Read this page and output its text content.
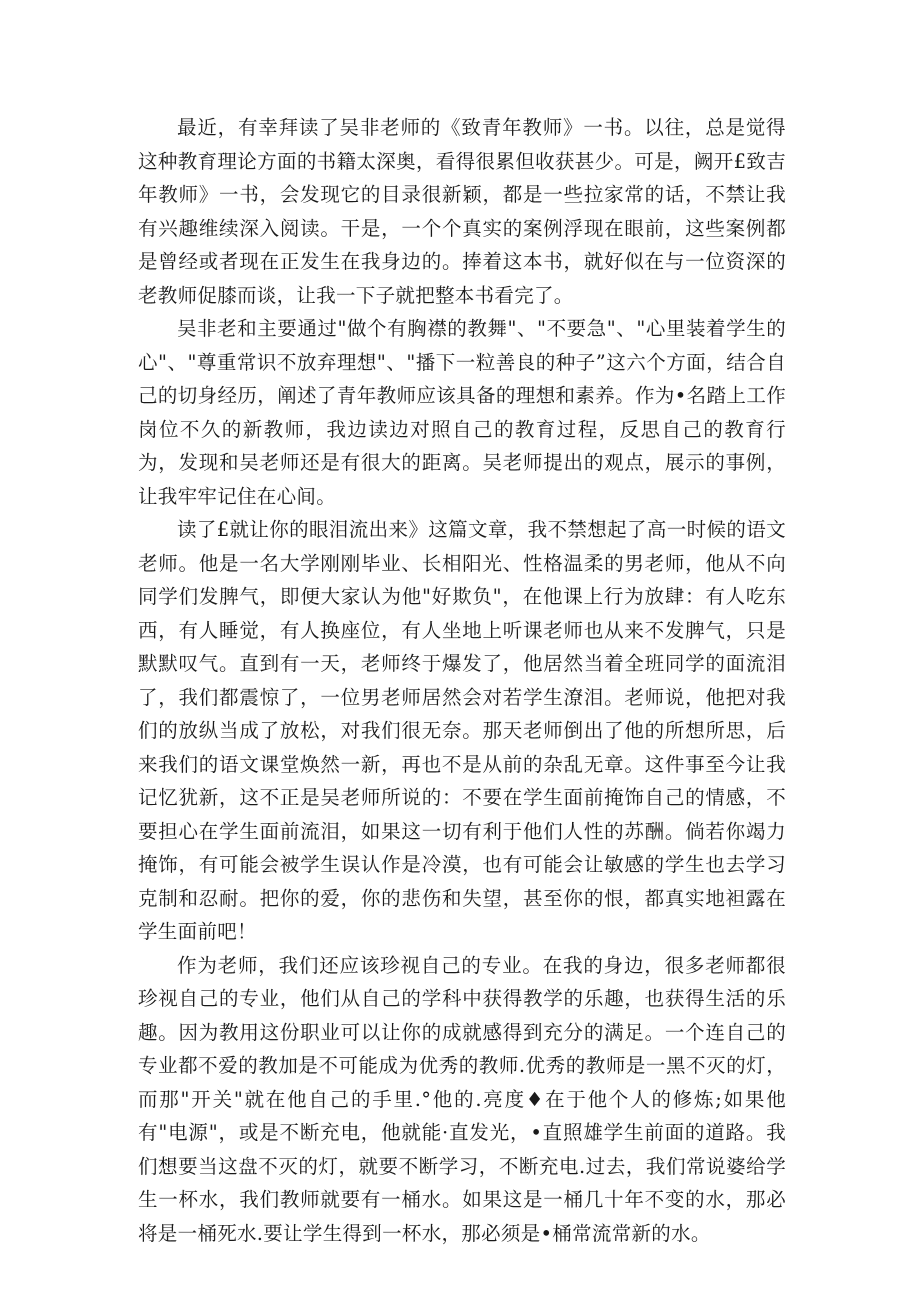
最近，有幸拜读了吴非老师的《致青年教师》一书。以往，总是觉得这种教育理论方面的书籍太深奥，看得很累但收获甚少。可是，阙开£致吉年教师》一书，会发现它的目录很新颖，都是一些拉家常的话，不禁让我有兴趣维续深入阅读。干是，一个个真实的案例浮现在眼前，这些案例都是曾经或者现在正发生在我身边的。捧着这本书，就好似在与一位资深的老教师促膝而谈，让我一下子就把整本书看完了。

吴非老和主要通过"做个有胸襟的教舞"、"不要急"、"心里装着学生的心"、"尊重常识不放弃理想"、"播下一粒善良的种子”这六个方面，结合自己的切身经历，阐述了青年教师应该具备的理想和素养。作为•名踏上工作岗位不久的新教师，我边读边对照自己的教育过程，反思自己的教育行为，发现和吴老师还是有很大的距离。吴老师提出的观点，展示的事例，让我牢牢记住在心间。

读了£就让你的眼泪流出来》这篇文章，我不禁想起了高一时候的语文老师。他是一名大学刚刚毕业、长相阳光、性格温柔的男老师，他从不向同学们发脾气，即便大家认为他"好欺负"，在他课上行为放肆：有人吃东西，有人睡觉，有人换座位，有人坐地上听课老师也从来不发脾气，只是默默叹气。直到有一天，老师终于爆发了，他居然当着全班同学的面流泪了，我们都震惊了，一位男老师居然会对若学生潦泪。老师说，他把对我们的放纵当成了放松，对我们很无奈。那天老师倒出了他的所想所思，后来我们的语文课堂焕然一新，再也不是从前的杂乱无章。这件事至今让我记忆犹新，这不正是吴老师所说的：不要在学生面前掩饰自己的情感，不要担心在学生面前流泪，如果这一切有利于他们人性的苏酬。倘若你竭力掩饰，有可能会被学生误认作是冷漠，也有可能会让敏感的学生也去学习克制和忍耐。把你的爱，你的悲伤和失望，甚至你的恨，都真实地袒露在学生面前吧！

作为老师，我们还应该珍视自己的专业。在我的身边，很多老师都很珍视自己的专业，他们从自己的学科中获得教学的乐趣，也获得生活的乐趣。因为教用这份职业可以让你的成就感得到充分的满足。一个连自己的专业都不爱的教加是不可能成为优秀的教师.优秀的教师是一黑不灭的灯，而那"开关"就在他自己的手里.°他的.亮度♦在于他个人的修炼;如果他有"电源"，或是不断充电，他就能·直发光，•直照雄学生前面的道路。我们想要当这盘不灭的灯，就要不断学习，不断充电.过去，我们常说婆给学生一杯水，我们教师就要有一桶水。如果这是一桶几十年不变的水，那必将是一桶死水.要让学生得到一杯水，那必须是•桶常流常新的水。
